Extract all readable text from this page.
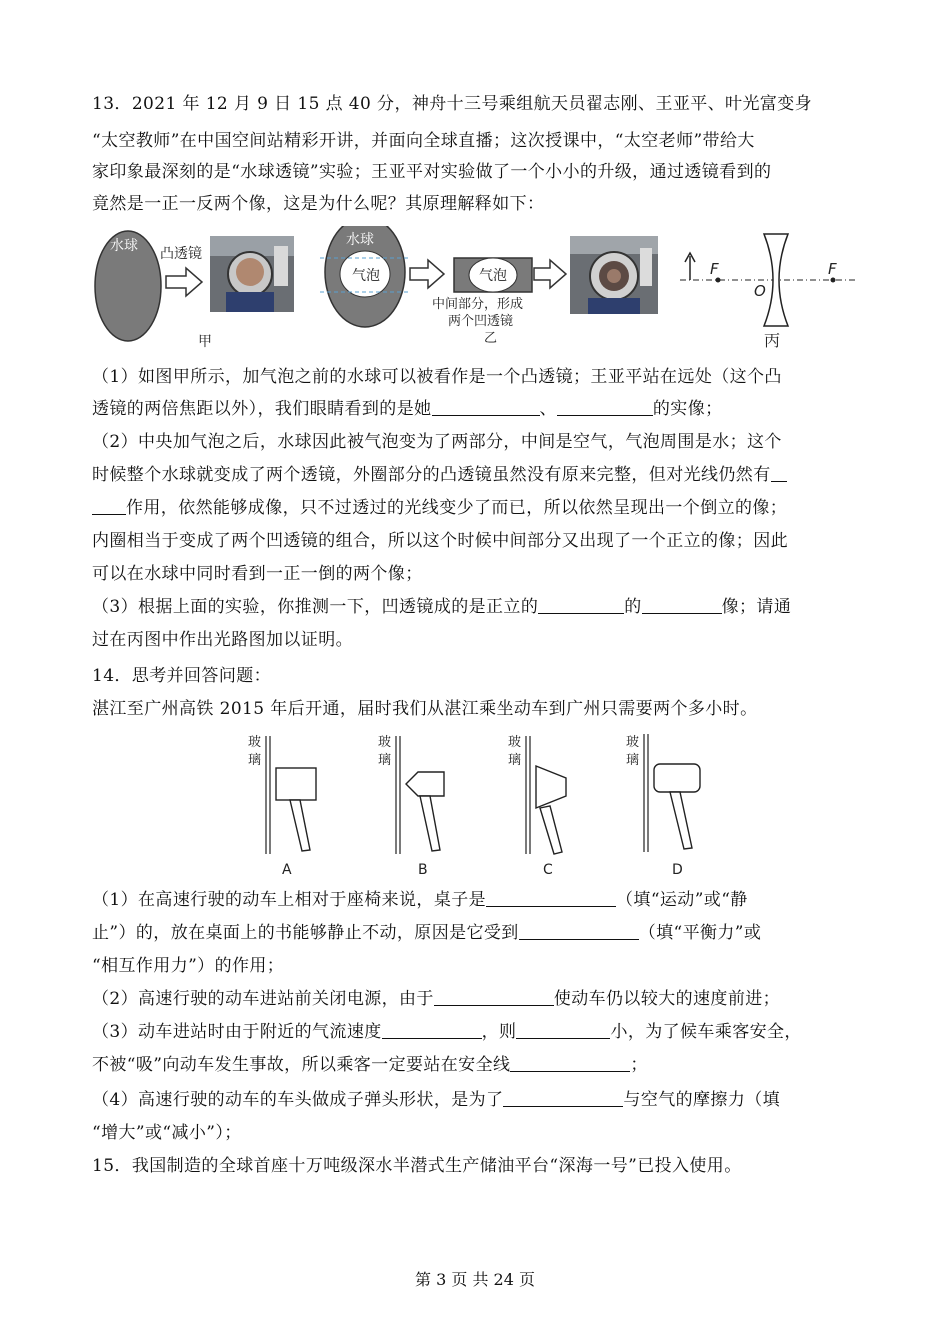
13．2021 年 12 月 9 日 15 点 40 分，神舟十三号乘组航天员翟志刚、王亚平、叶光富变身
“太空教师”在中国空间站精彩开讲，并面向全球直播；这次授课中，“太空老师”带给大
家印象最深刻的是“水球透镜”实验；王亚平对实验做了一个小小的升级，通过透镜看到的
竟然是一正一反两个像，这是为什么呢？其原理解释如下：
水球 凸透镜
甲
水球
气泡	气泡
中间部分，形成
两个凹透镜
乙
F	F
O
丙
（1）如图甲所示，加气泡之前的水球可以被看作是一个凸透镜；王亚平站在远处（这个凸
透镜的两倍焦距以外），我们眼睛看到的是她	、	的实像；
（2）中央加气泡之后，水球因此被气泡变为了两部分，中间是空气，气泡周围是水；这个
时候整个水球就变成了两个透镜，外圈部分的凸透镜虽然没有原来完整，但对光线仍然有
作用，依然能够成像，只不过透过的光线变少了而已，所以依然呈现出一个倒立的像；
内圈相当于变成了两个凹透镜的组合，所以这个时候中间部分又出现了一个正立的像；因此
可以在水球中同时看到一正一倒的两个像；
（3）根据上面的实验，你推测一下，凹透镜成的是正立的	的	像；请通
过在丙图中作出光路图加以证明。
14．思考并回答问题：
湛江至广州高铁 2015 年后开通，届时我们从湛江乘坐动车到广州只需要两个多小时。
玻
璃
A
玻
璃
B
玻
璃
C
玻
璃
D
（1）在高速行驶的动车上相对于座椅来说，桌子是	（填“运动”或“静
止”）的，放在桌面上的书能够静止不动，原因是它受到	（填“平衡力”或
“相互作用力”）的作用；
（2）高速行驶的动车进站前关闭电源，由于	使动车仍以较大的速度前进；
（3）动车进站时由于附近的气流速度	，则	小，为了候车乘客安全，
不被“吸”向动车发生事故，所以乘客一定要站在安全线	；
（4）高速行驶的动车的车头做成子弹头形状，是为了	与空气的摩擦力（填
“增大”或“减小”）；
15．我国制造的全球首座十万吨级深水半潜式生产储油平台“深海一号”已投入使用。
第 3 页 共 24 页
